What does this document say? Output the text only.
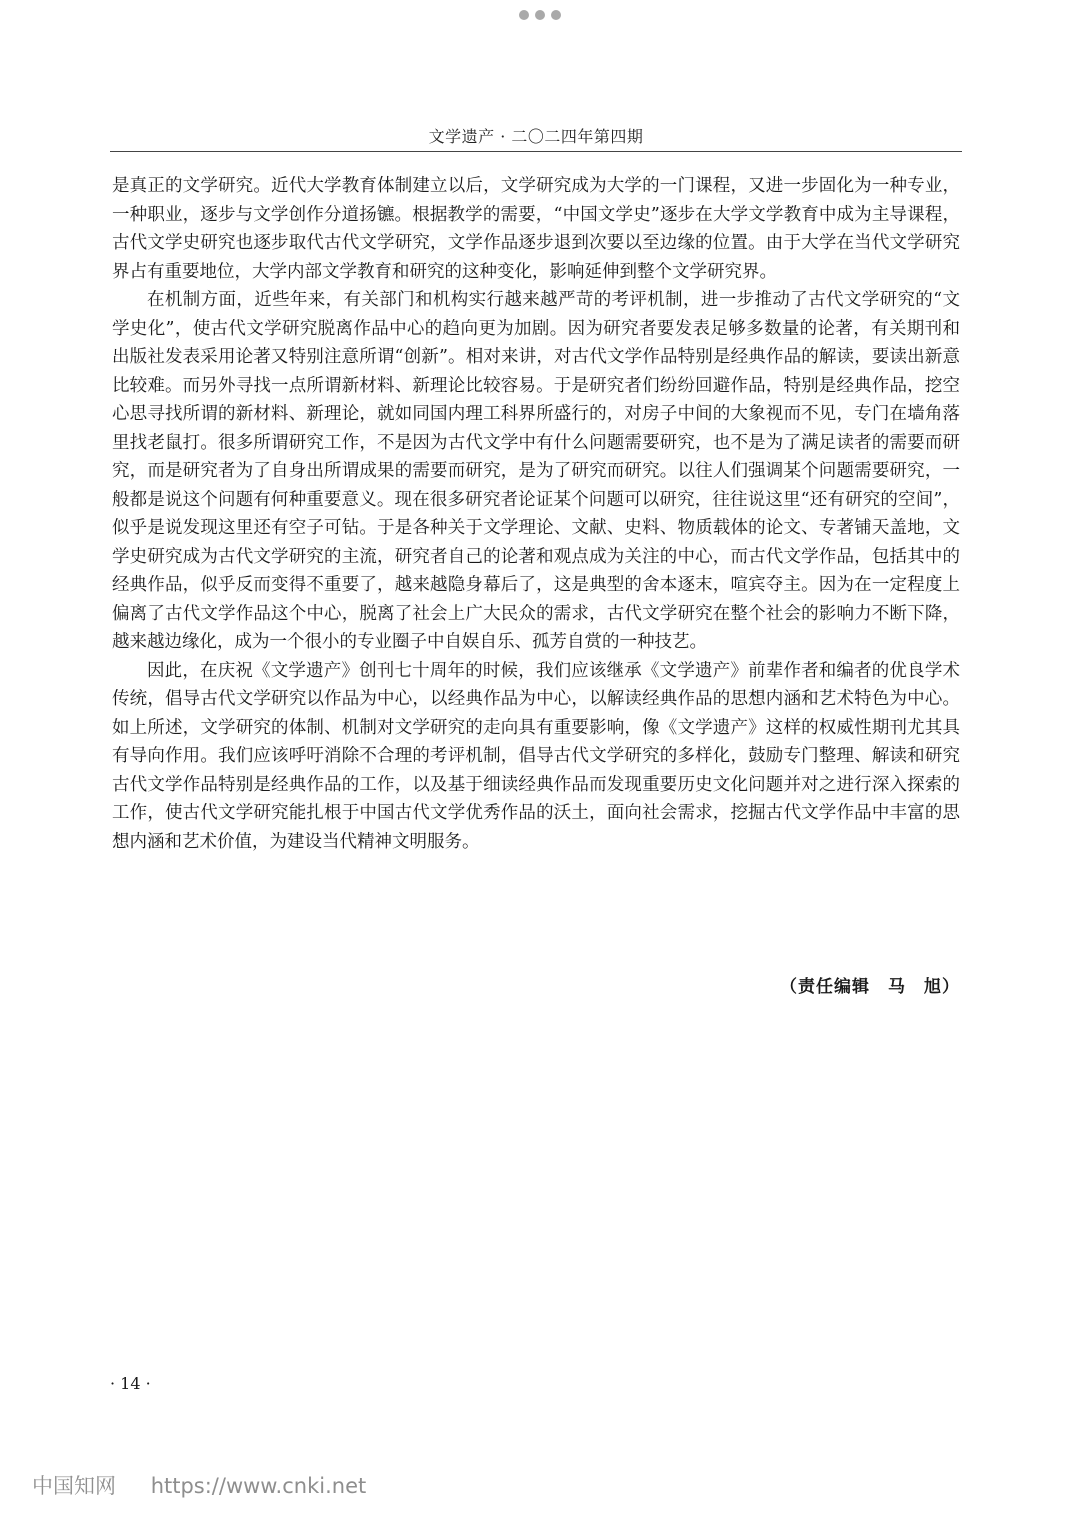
文学遗产 · 二〇二四年第四期

是真正的文学研究。近代大学教育体制建立以后，文学研究成为大学的一门课程，又进一步固化为一种专业，一种职业，逐步与文学创作分道扬镳。根据教学的需要，“中国文学史”逐步在大学文学教育中成为主导课程，古代文学史研究也逐步取代古代文学研究，文学作品逐步退到次要以至边缘的位置。由于大学在当代文学研究界占有重要地位，大学内部文学教育和研究的这种变化，影响延伸到整个文学研究界。

在机制方面，近些年来，有关部门和机构实行越来越严苛的考评机制，进一步推动了古代文学研究的“文学史化”，使古代文学研究脱离作品中心的趋向更为加剧。因为研究者要发表足够多数量的论著，有关期刊和出版社发表采用论著又特别注意所谓“创新”。相对来讲，对古代文学作品特别是经典作品的解读，要读出新意比较难。而另外寻找一点所谓新材料、新理论比较容易。于是研究者们纷纷回避作品，特别是经典作品，挖空心思寻找所谓的新材料、新理论，就如同国内理工科界所盛行的，对房子中间的大象视而不见，专门在墙角落里找老鼠打。很多所谓研究工作，不是因为古代文学中有什么问题需要研究，也不是为了满足读者的需要而研究，而是研究者为了自身出所谓成果的需要而研究，是为了研究而研究。以往人们强调某个问题需要研究，一般都是说这个问题有何种重要意义。现在很多研究者论证某个问题可以研究，往往说这里“还有研究的空间”，似乎是说发现这里还有空子可钻。于是各种关于文学理论、文献、史料、物质载体的论文、专著铺天盖地，文学史研究成为古代文学研究的主流，研究者自己的论著和观点成为关注的中心，而古代文学作品，包括其中的经典作品，似乎反而变得不重要了，越来越隐身幕后了，这是典型的舍本逐末，喧宾夺主。因为在一定程度上偏离了古代文学作品这个中心，脱离了社会上广大民众的需求，古代文学研究在整个社会的影响力不断下降，越来越边缘化，成为一个很小的专业圈子中自娱自乐、孤芳自赏的一种技艺。

因此，在庆祝《文学遗产》创刊七十周年的时候，我们应该继承《文学遗产》前辈作者和编者的优良学术传统，倡导古代文学研究以作品为中心，以经典作品为中心，以解读经典作品的思想内涵和艺术特色为中心。如上所述，文学研究的体制、机制对文学研究的走向具有重要影响，像《文学遗产》这样的权威性期刊尤其具有导向作用。我们应该呼吁消除不合理的考评机制，倡导古代文学研究的多样化，鼓励专门整理、解读和研究古代文学作品特别是经典作品的工作，以及基于细读经典作品而发现重要历史文化问题并对之进行深入探索的工作，使古代文学研究能扎根于中国古代文学优秀作品的沃土，面向社会需求，挖掘古代文学作品中丰富的思想内涵和艺术价值，为建设当代精神文明服务。

（责任编辑　马　旭）
· 14 ·
中国知网 https://www.cnki.net
